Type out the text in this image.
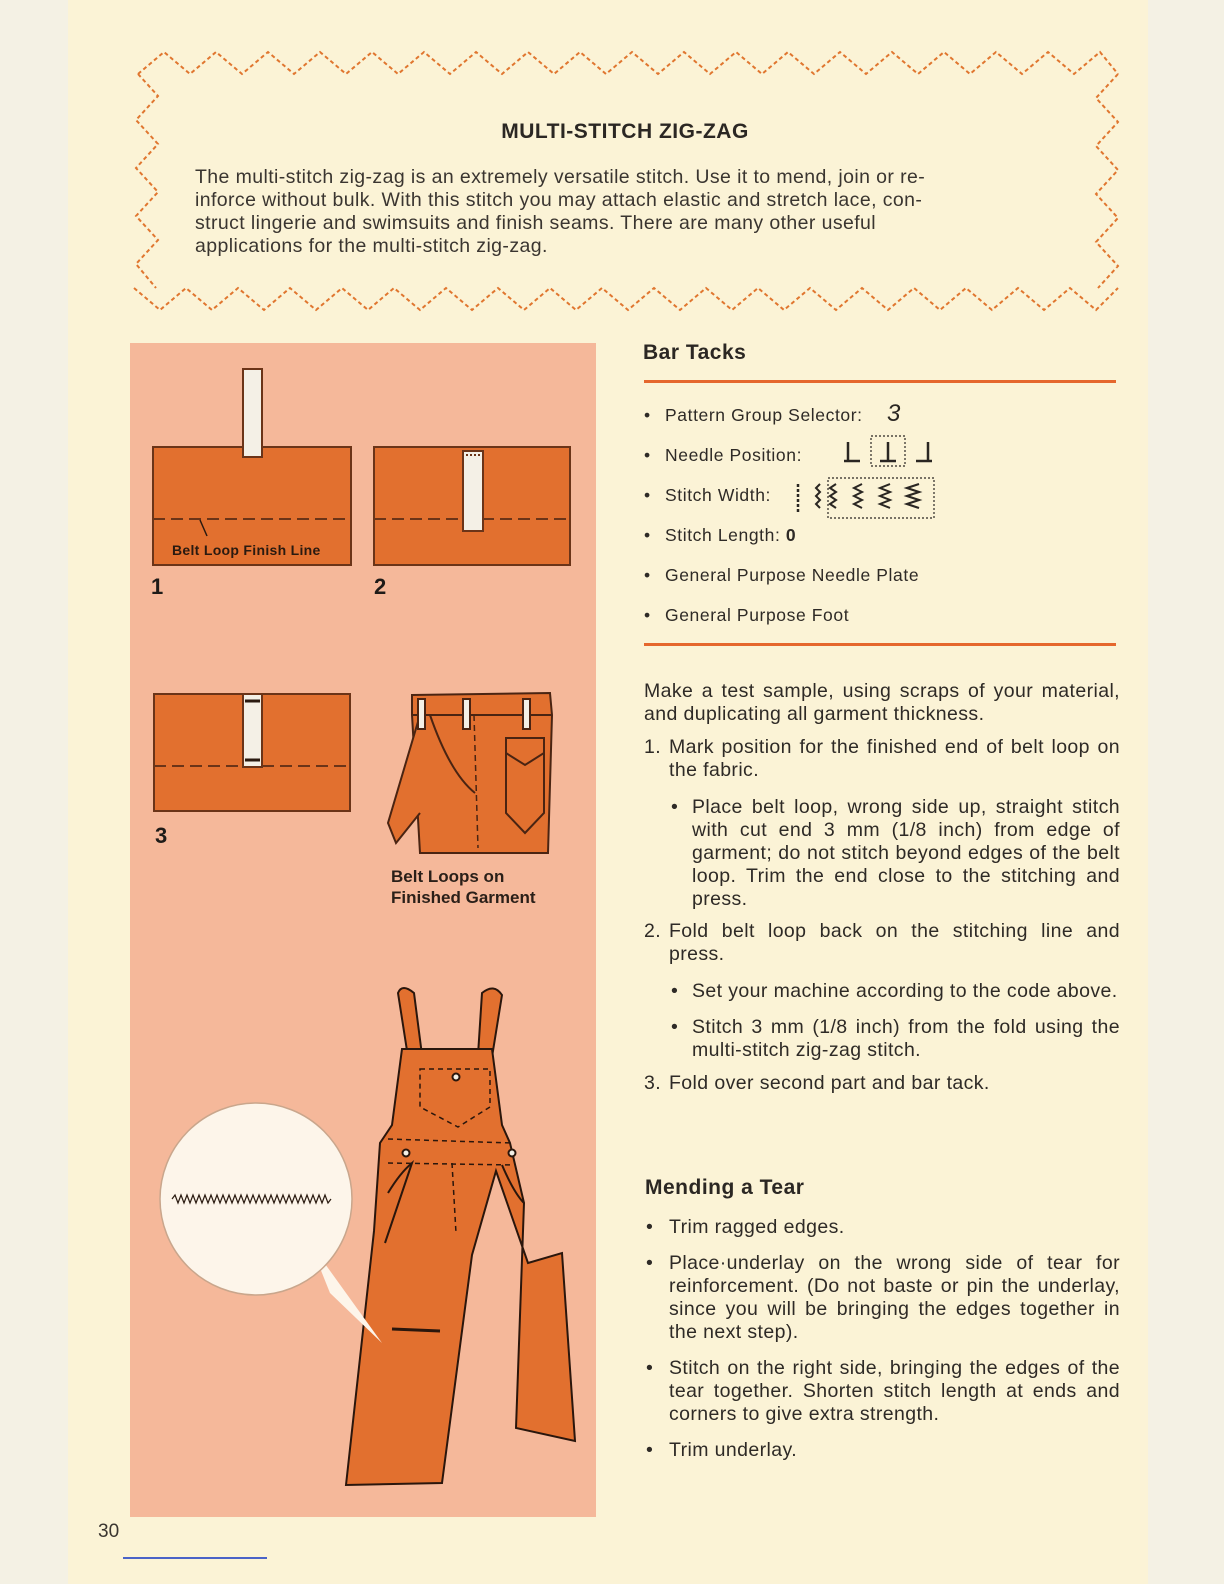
MULTI-STITCH ZIG-ZAG
The multi-stitch zig-zag is an extremely versatile stitch. Use it to mend, join or re-
inforce without bulk. With this stitch you may attach elastic and stretch lace, con-
struct lingerie and swimsuits and finish seams. There are many other useful
applications for the multi-stitch zig-zag.
Belt Loop Finish Line
1	2
3
Belt Loops on
Finished Garment
Bar Tacks
• Pattern Group Selector: 3
• Needle Position:
• Stitch Width:
• Stitch Length: 0
• General Purpose Needle Plate
• General Purpose Foot

Make a test sample, using scraps of your material, and duplicating all garment thickness.

1. Mark position for the finished end of belt loop on the fabric.

• Place belt loop, wrong side up, straight stitch with cut end 3 mm (1/8 inch) from edge of garment; do not stitch beyond edges of the belt loop. Trim the end close to the stitching and press.

2. Fold belt loop back on the stitching line and press.

• Set your machine according to the code above.

• Stitch 3 mm (1/8 inch) from the fold using the multi-stitch zig-zag stitch.

3. Fold over second part and bar tack.

Mending a Tear

• Trim ragged edges.

• Place·underlay on the wrong side of tear for reinforcement. (Do not baste or pin the underlay, since you will be bringing the edges together in the next step).

• Stitch on the right side, bringing the edges of the tear together. Shorten stitch length at ends and corners to give extra strength.

• Trim underlay.

30
